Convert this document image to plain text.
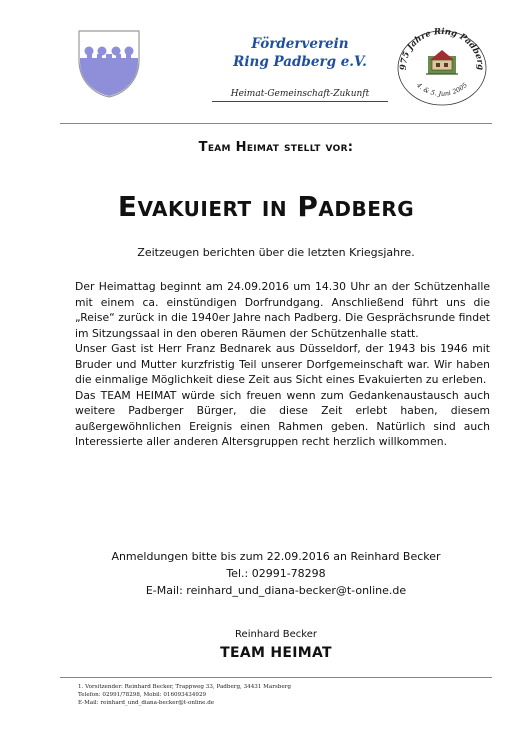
Förderverein
Ring Padberg e.V.
Heimat-Gemeinschaft-Zukunft
975 Jahre Ring Padberg
4. & 5. Juni 2005
Team Heimat stellt vor:
Evakuiert in Padberg
Zeitzeugen berichten über die letzten Kriegsjahre.

Der Heimattag beginnt am 24.09.2016 um 14.30 Uhr an der Schützenhalle mit einem ca. einstündigen Dorfrundgang. Anschließend führt uns die „Reise“ zurück in die 1940er Jahre nach Padberg. Die Gesprächsrunde findet im Sitzungssaal in den oberen Räumen der Schützenhalle statt.

Unser Gast ist Herr Franz Bednarek aus Düsseldorf, der 1943 bis 1946 mit Bruder und Mutter kurzfristig Teil unserer Dorfgemeinschaft war. Wir haben die einmalige Möglichkeit diese Zeit aus Sicht eines Evakuierten zu erleben.

Das TEAM HEIMAT würde sich freuen wenn zum Gedankenaustausch auch weitere Padberger Bürger, die diese Zeit erlebt haben, diesem außergewöhnlichen Ereignis einen Rahmen geben. Natürlich sind auch Interessierte aller anderen Altersgruppen recht herzlich willkommen.

Anmeldungen bitte bis zum 22.09.2016 an Reinhard Becker
Tel.: 02991-78298
E-Mail: reinhard_und_diana-becker@t-online.de
Reinhard Becker
TEAM HEIMAT
1. Vorsitzender: Reinhard Becker, Trappweg 33, Padberg, 34431 Marsberg
Telefon: 02991/78298, Mobil: 016093434929
E-Mail: reinhard_und_diana-becker@t-online.de
